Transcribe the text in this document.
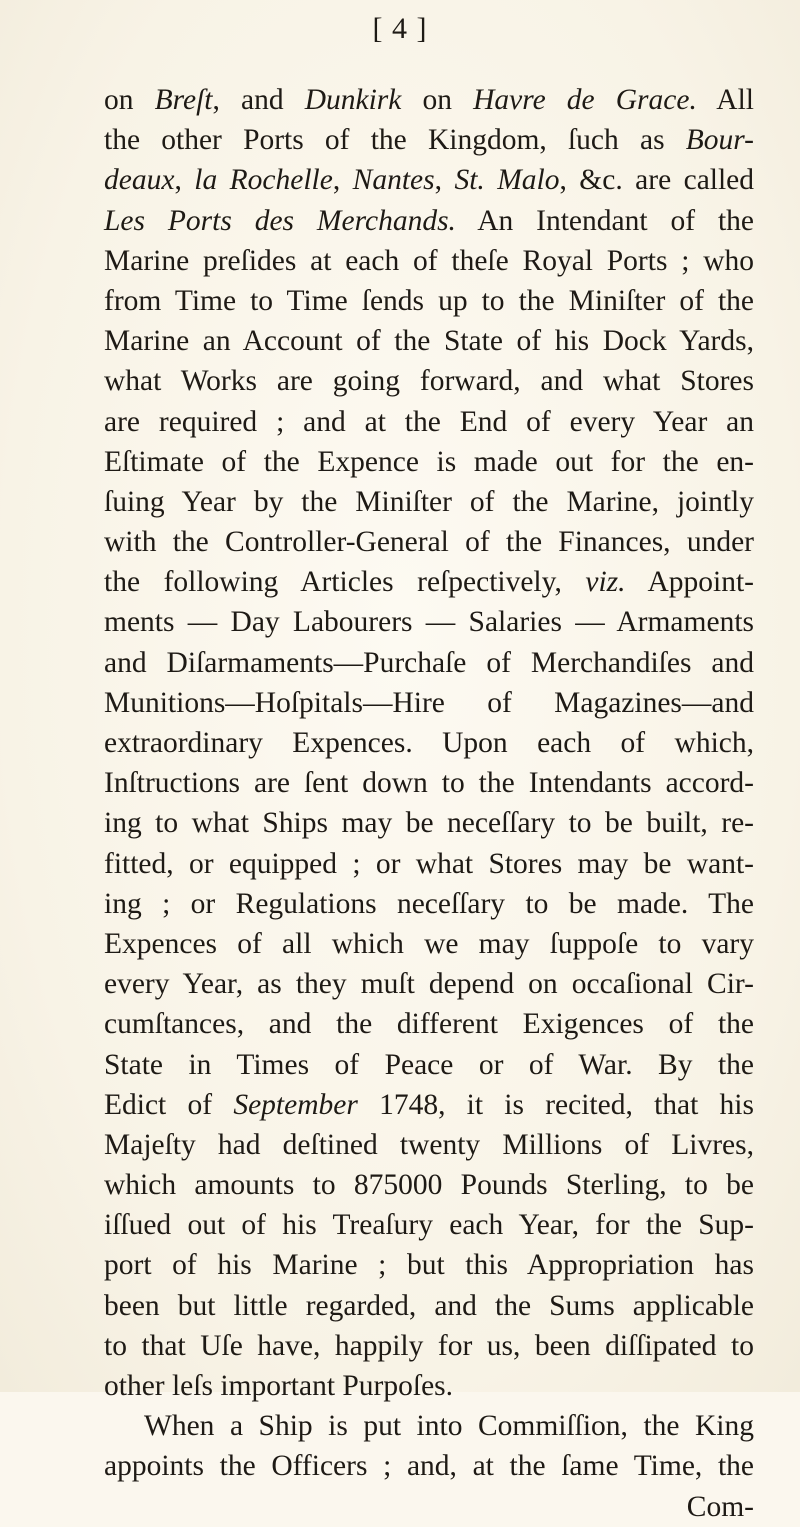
[ 4 ]
on Breſt, and Dunkirk on Havre de Grace. All
the other Ports of the Kingdom, ſuch as Bour-
deaux, la Rochelle, Nantes, St. Malo, &c. are called
Les Ports des Merchands. An Intendant of the
Marine preſides at each of theſe Royal Ports ; who
from Time to Time ſends up to the Miniſter of the
Marine an Account of the State of his Dock Yards,
what Works are going forward, and what Stores
are required ; and at the End of every Year an
Eſtimate of the Expence is made out for the en-
ſuing Year by the Miniſter of the Marine, jointly
with the Controller-General of the Finances, under
the following Articles reſpectively, viz. Appoint-
ments — Day Labourers — Salaries — Armaments
and Diſarmaments—Purchaſe of Merchandiſes and
Munitions—Hoſpitals—Hire of Magazines—and
extraordinary Expences. Upon each of which,
Inſtructions are ſent down to the Intendants accord-
ing to what Ships may be neceſſary to be built, re-
fitted, or equipped ; or what Stores may be want-
ing ; or Regulations neceſſary to be made. The
Expences of all which we may ſuppoſe to vary
every Year, as they muſt depend on occaſional Cir-
cumſtances, and the different Exigences of the
State in Times of Peace or of War. By the
Edict of September 1748, it is recited, that his
Majeſty had deſtined twenty Millions of Livres,
which amounts to 875000 Pounds Sterling, to be
iſſued out of his Treaſury each Year, for the Sup-
port of his Marine ; but this Appropriation has
been but little regarded, and the Sums applicable
to that Uſe have, happily for us, been diſſipated to
other leſs important Purpoſes.
When a Ship is put into Commiſſion, the King
appoints the Officers ; and, at the ſame Time, the
Com-
